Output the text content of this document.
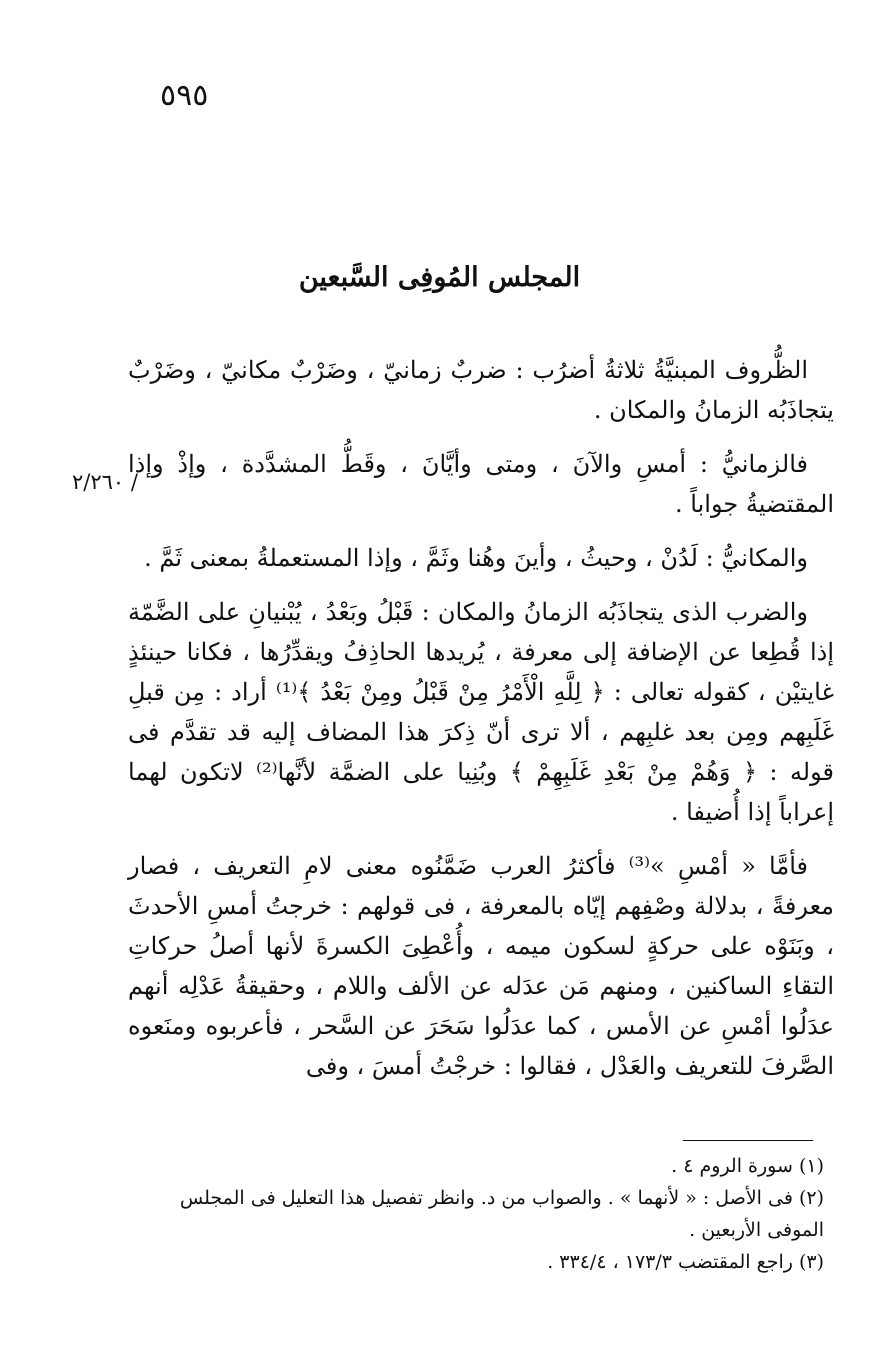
٥٩٥
٢/٢٦٠ /
المجلس المُوفِى السَّبعين

الظُّروف المبنيَّةُ ثلاثةُ أضرُب : ضربٌ زمانيّ ، وضَرْبٌ مكانيّ ، وضَرْبٌ يتجاذَبُه الزمانُ والمكان .

فالزمانيُّ : أمسِ والآنَ ، ومتى وأيَّانَ ، وقَطُّ المشدَّدة ، وإذْ وإذا المقتضيةُ جواباً .

والمكانيُّ : لَدُنْ ، وحيثُ ، وأينَ وهُنا وثَمَّ ، وإذا المستعملةُ بمعنى ثَمَّ .

والضرب الذى يتجاذَبُه الزمانُ والمكان : قَبْلُ وبَعْدُ ، يُبْنيانِ على الضَّمّة إذا قُطِعا عن الإضافة إلى معرفة ، يُريدها الحاذِفُ ويقدِّرُها ، فكانا حينئذٍ غايتيْن ، كقوله تعالى : ﴿ لِلَّهِ الْأَمْرُ مِنْ قَبْلُ ومِنْ بَعْدُ ﴾⁽¹⁾ أراد : مِن قبلِ غَلَبِهم ومِن بعد غلبِهم ، ألا ترى أنّ ذِكرَ هذا المضاف إليه قد تقدَّم فى قوله : ﴿ وَهُمْ مِنْ بَعْدِ غَلَبِهِمْ ﴾ وبُنِيا على الضمَّة لأنَّها⁽²⁾ لاتكون لهما إعراباً إذا أُضيفا .

فأمَّا « أمْسِ »⁽³⁾ فأكثرُ العرب ضَمَّنُوه معنى لامِ التعريف ، فصار معرفةً ، بدلالة وصْفِهم إيّاه بالمعرفة ، فى قولهم : خرجتُ أمسِ الأحدثَ ، وبَنَوْه على حركةٍ لسكون ميمه ، وأُعْطِىَ الكسرةَ لأنها أصلُ حركاتِ التقاءِ الساكنين ، ومنهم مَن عدَله عن الألف واللام ، وحقيقةُ عَدْلِه أنهم عدَلُوا أمْسِ عن الأمس ، كما عدَلُوا سَحَرَ عن السَّحر ، فأعربوه ومنَعوه الصَّرفَ للتعريف والعَدْل ، فقالوا : خرجْتُ أمسَ ، وفى

(١) سورة الروم ٤ .

(٢) فى الأصل : « لأنهما » . والصواب من د. وانظر تفصيل هذا التعليل فى المجلس الموفى الأربعين .

(٣) راجع المقتضب ١٧٣/٣ ، ٣٣٤/٤ .
